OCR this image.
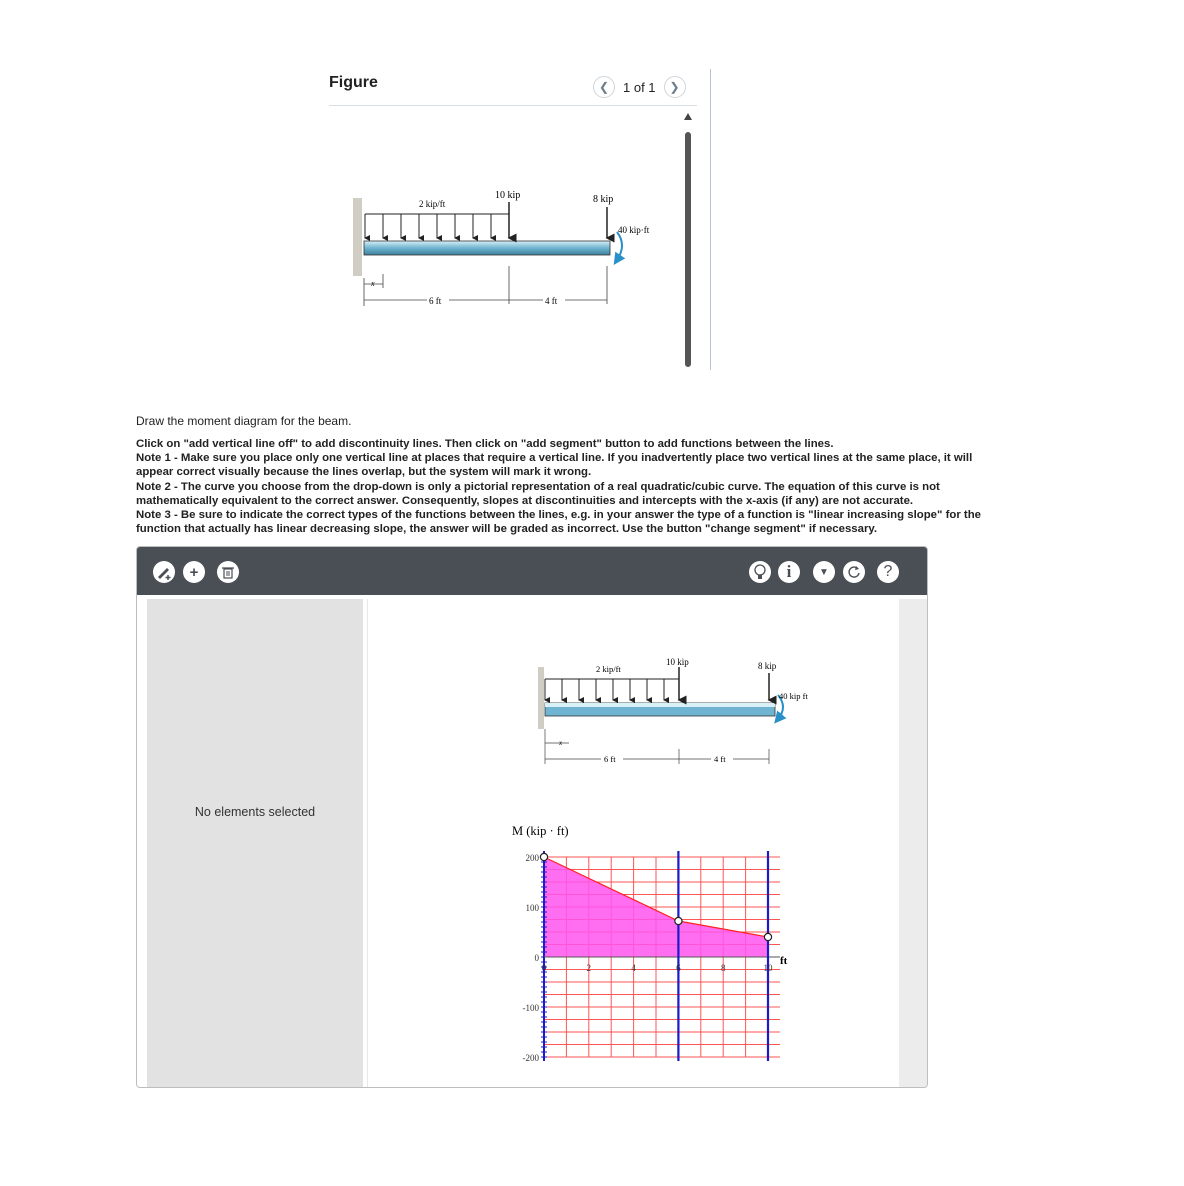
Figure	❮	1 of 1	❯
2 kip/ft
10 kip	8 kip
40 kip·ft
x
6 ft	4 ft
Draw the moment diagram for the beam.
Click on "add vertical line off" to add discontinuity lines. Then click on "add segment" button to add functions between the lines.
Note 1 - Make sure you place only one vertical line at places that require a vertical line. If you inadvertently place two vertical lines at the same place, it will appear correct visually because the lines overlap, but the system will mark it wrong.
Note 2 - The curve you choose from the drop-down is only a pictorial representation of a real quadratic/cubic curve. The equation of this curve is not mathematically equivalent to the correct answer. Consequently, slopes at discontinuities and intercepts with the x-axis (if any) are not accurate.
Note 3 - Be sure to indicate the correct types of the functions between the lines, e.g. in your answer the type of a function is "linear increasing slope" for the function that actually has linear decreasing slope, the answer will be graded as incorrect. Use the button "change segment" if necessary.
+	i	▼	?
No elements selected
2 kip/ft
10 kip	8 kip
40 kip ft
x
6 ft	4 ft
M (kip · ft)
ft
200
100
0
-100
-200
0	2	4	6	8	10
